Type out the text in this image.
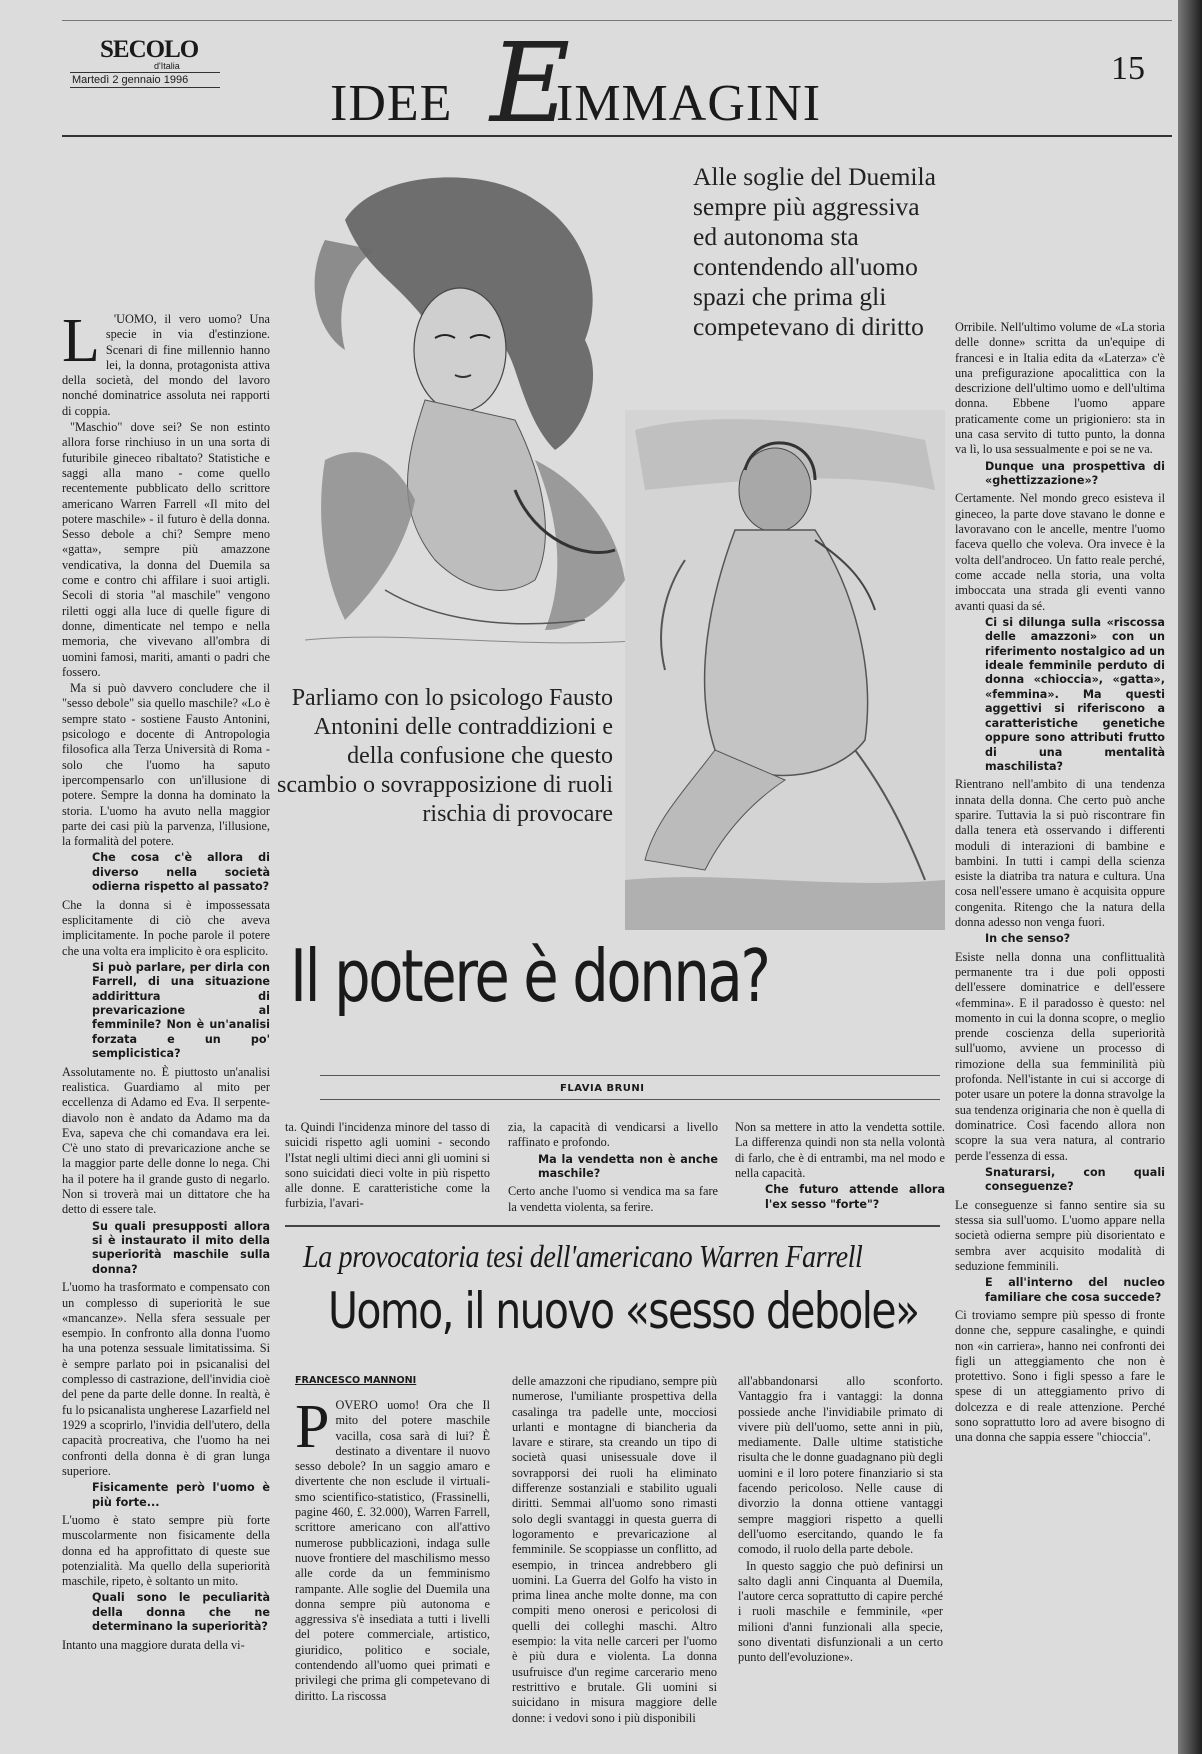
SECOLO
d'Italia
Martedì 2 gennaio 1996	15
IDEE E
IMMAGINI
L	'UOMO, il vero uomo? Una specie in via d'estinzione. Scenari di fine millennio hanno lei, la donna, protagonista attiva della società, del mondo del lavoro nonché dominatrice assoluta nei rapporti di coppia.

"Maschio" dove sei? Se non estinto allora forse rinchiuso in un una sorta di futuribile gineceo ribaltato? Statistiche e saggi alla mano - come quello recentemente pubblicato dello scrittore americano Warren Farrell «Il mito del potere maschile» - il futuro è della donna. Sesso debole a chi? Sempre meno «gatta», sempre più amazzone vendicativa, la donna del Duemila sa come e contro chi affilare i suoi artigli. Secoli di storia "al maschile" vengono riletti oggi alla luce di quelle figure di donne, dimenticate nel tempo e nella memoria, che vivevano all'ombra di uomini famosi, mariti, amanti o padri che fossero.

Ma si può davvero concludere che il "sesso debole" sia quello maschile? «Lo è sempre stato - sostiene Fausto Antonini, psicologo e docente di Antropologia filosofica alla Terza Università di Roma - solo che l'uomo ha saputo ipercompensarlo con un'illusione di potere. Sempre la donna ha dominato la storia. L'uomo ha avuto nella maggior parte dei casi più la parvenza, l'illusione, la formalità del potere.

Che cosa c'è allora di diverso nella società odierna rispetto al passato?

Che la donna si è impossessata esplicitamente di ciò che aveva implicitamente. In poche parole il potere che una volta era implicito è ora esplicito.

Si può parlare, per dirla con Farrell, di una situazione addirittura di prevaricazione al femminile? Non è un'analisi forzata e un po' semplicistica?

Assolutamente no. È piuttosto un'analisi realistica. Guardiamo al mito per eccellenza di Adamo ed Eva. Il serpente-diavolo non è andato da Adamo ma da Eva, sapeva che chi comandava era lei. C'è uno stato di prevaricazione anche se la maggior parte delle donne lo nega. Chi ha il potere ha il grande gusto di negarlo. Non si troverà mai un dittatore che ha detto di essere tale.

Su quali presupposti allora si è instaurato il mito della superiorità maschile sulla donna?

L'uomo ha trasformato e compensato con un complesso di superiorità le sue «mancanze». Nella sfera sessuale per esempio. In confronto alla donna l'uomo ha una potenza sessuale limitatissima. Si è sempre parlato poi in psicanalisi del complesso di castrazione, dell'invidia cioè del pene da parte delle donne. In realtà, è fu lo psicanalista ungherese Lazarfield nel 1929 a scoprirlo, l'invidia dell'utero, della capacità procreativa, che l'uomo ha nei confronti della donna è di gran lunga superiore.

Fisicamente però l'uomo è più forte...

L'uomo è stato sempre più forte muscolarmente non fisicamente della donna ed ha approfittato di queste sue potenzialità. Ma quello della superiorità maschile, ripeto, è soltanto un mito.

Quali sono le peculiarità della donna che ne determinano la superiorità?

Intanto una maggiore durata della vi-

Alle soglie del Duemila sempre più aggressiva ed autonoma sta contendendo all'uomo spazi che prima gli competevano di diritto
Parliamo con lo psicologo Fausto Antonini delle contraddizioni e della confusione che questo scambio o sovrapposizione di ruoli rischia di provocare
Il potere è donna?
FLAVIA BRUNI

ta. Quindi l'incidenza minore del tasso di suicidi rispetto agli uomini - secondo l'Istat negli ultimi dieci anni gli uomini si sono suicidati dieci volte in più rispetto alle donne. E caratteristiche come la furbizia, l'avari-

zia, la capacità di vendicarsi a livello raffinato e profondo.

Ma la vendetta non è anche maschile?

Certo anche l'uomo si vendica ma sa fare la vendetta violenta, sa ferire.

Non sa mettere in atto la vendetta sottile. La differenza quindi non sta nella volontà di farlo, che è di entrambi, ma nel modo e nella capacità.

Che futuro attende allora l'ex sesso "forte"?

Orribile. Nell'ultimo volume de «La storia delle donne» scritta da un'equipe di francesi e in Italia edita da «Laterza» c'è una prefigurazione apocalittica con la descrizione dell'ultimo uomo e dell'ultima donna. Ebbene l'uomo appare praticamente come un prigioniero: sta in una casa servito di tutto punto, la donna va lì, lo usa sessualmente e poi se ne va.

Dunque una prospettiva di «ghettizzazione»?

Certamente. Nel mondo greco esisteva il gineceo, la parte dove stavano le donne e lavoravano con le ancelle, mentre l'uomo faceva quello che voleva. Ora invece è la volta dell'androceo. Un fatto reale perché, come accade nella storia, una volta imboccata una strada gli eventi vanno avanti quasi da sé.

Ci si dilunga sulla «riscossa delle amazzoni» con un riferimento nostalgico ad un ideale femminile perduto di donna «chioccia», «gatta», «femmina». Ma questi aggettivi si riferiscono a caratteristiche genetiche oppure sono attributi frutto di una mentalità maschilista?

Rientrano nell'ambito di una tendenza innata della donna. Che certo può anche sparire. Tuttavia la si può riscontrare fin dalla tenera età osservando i differenti moduli di interazioni di bambine e bambini. In tutti i campi della scienza esiste la diatriba tra natura e cultura. Una cosa nell'essere umano è acquisita oppure congenita. Ritengo che la natura della donna adesso non venga fuori.

In che senso?

Esiste nella donna una conflittualità permanente tra i due poli opposti dell'essere dominatrice e dell'essere «femmina». E il paradosso è questo: nel momento in cui la donna scopre, o meglio prende coscienza della superiorità sull'uomo, avviene un processo di rimozione della sua femminilità più profonda. Nell'istante in cui si accorge di poter usare un potere la donna stravolge la sua tendenza originaria che non è quella di dominatrice. Così facendo allora non scopre la sua vera natura, al contrario perde l'essenza di essa.

Snaturarsi, con quali conseguenze?

Le conseguenze si fanno sentire sia su stessa sia sull'uomo. L'uomo appare nella società odierna sempre più disorientato e sembra aver acquisito modalità di seduzione femminili.

E all'interno del nucleo familiare che cosa succede?

Ci troviamo sempre più spesso di fronte donne che, seppure casalinghe, e quindi non «in carriera», hanno nei confronti dei figli un atteggiamento che non è protettivo. Sono i figli spesso a fare le spese di un atteggiamento privo di dolcezza e di reale attenzione. Perché sono soprattutto loro ad avere bisogno di una donna che sappia essere "chioccia".

La provocatoria tesi dell'americano Warren Farrell
Uomo, il nuovo «sesso debole»
FRANCESCO MANNONI
P OVERO uomo! Ora che Il mito del potere maschile vacilla, cosa sarà di lui? È destinato a diventare il nuovo sesso debole? In un saggio amaro e divertente che non esclude il virtuali-smo scientifico-statistico, (Frassinelli, pagine 460, £. 32.000), Warren Farrell, scrittore americano con all'attivo numerose pubblicazioni, indaga sulle nuove frontiere del maschilismo messo alle corde da un femminismo rampante. Alle soglie del Duemila una donna sempre più autonoma e aggressiva s'è insediata a tutti i livelli del potere commerciale, artistico, giuridico, politico e sociale, contendendo all'uomo quei primati e privilegi che prima gli competevano di diritto. La riscossa
delle amazzoni che ripudiano, sempre più numerose, l'umiliante prospettiva della casalinga tra padelle unte, mocciosi urlanti e montagne di biancheria da lavare e stirare, sta creando un tipo di società quasi unisessuale dove il sovrapporsi dei ruoli ha eliminato differenze sostanziali e stabilito uguali diritti. Semmai all'uomo sono rimasti solo degli svantaggi in questa guerra di logoramento e prevaricazione al femminile. Se scoppiasse un conflitto, ad esempio, in trincea andrebbero gli uomini. La Guerra del Golfo ha visto in prima linea anche molte donne, ma con compiti meno onerosi e pericolosi di quelli dei colleghi maschi. Altro esempio: la vita nelle carceri per l'uomo è più dura e violenta. La donna usufruisce d'un regime carcerario meno restrittivo e brutale. Gli uomini si suicidano in misura maggiore delle donne: i vedovi sono i più disponibili

all'abbandonarsi allo sconforto. Vantaggio fra i vantaggi: la donna possiede anche l'invidiabile primato di vivere più dell'uomo, sette anni in più, mediamente. Dalle ultime statistiche risulta che le donne guadagnano più degli uomini e il loro potere finanziario si sta facendo pericoloso. Nelle cause di divorzio la donna ottiene vantaggi sempre maggiori rispetto a quelli dell'uomo esercitando, quando le fa comodo, il ruolo della parte debole.

In questo saggio che può definirsi un salto dagli anni Cinquanta al Duemila, l'autore cerca soprattutto di capire perché i ruoli maschile e femminile, «per milioni d'anni funzionali alla specie, sono diventati disfunzionali a un certo punto dell'evoluzione».
